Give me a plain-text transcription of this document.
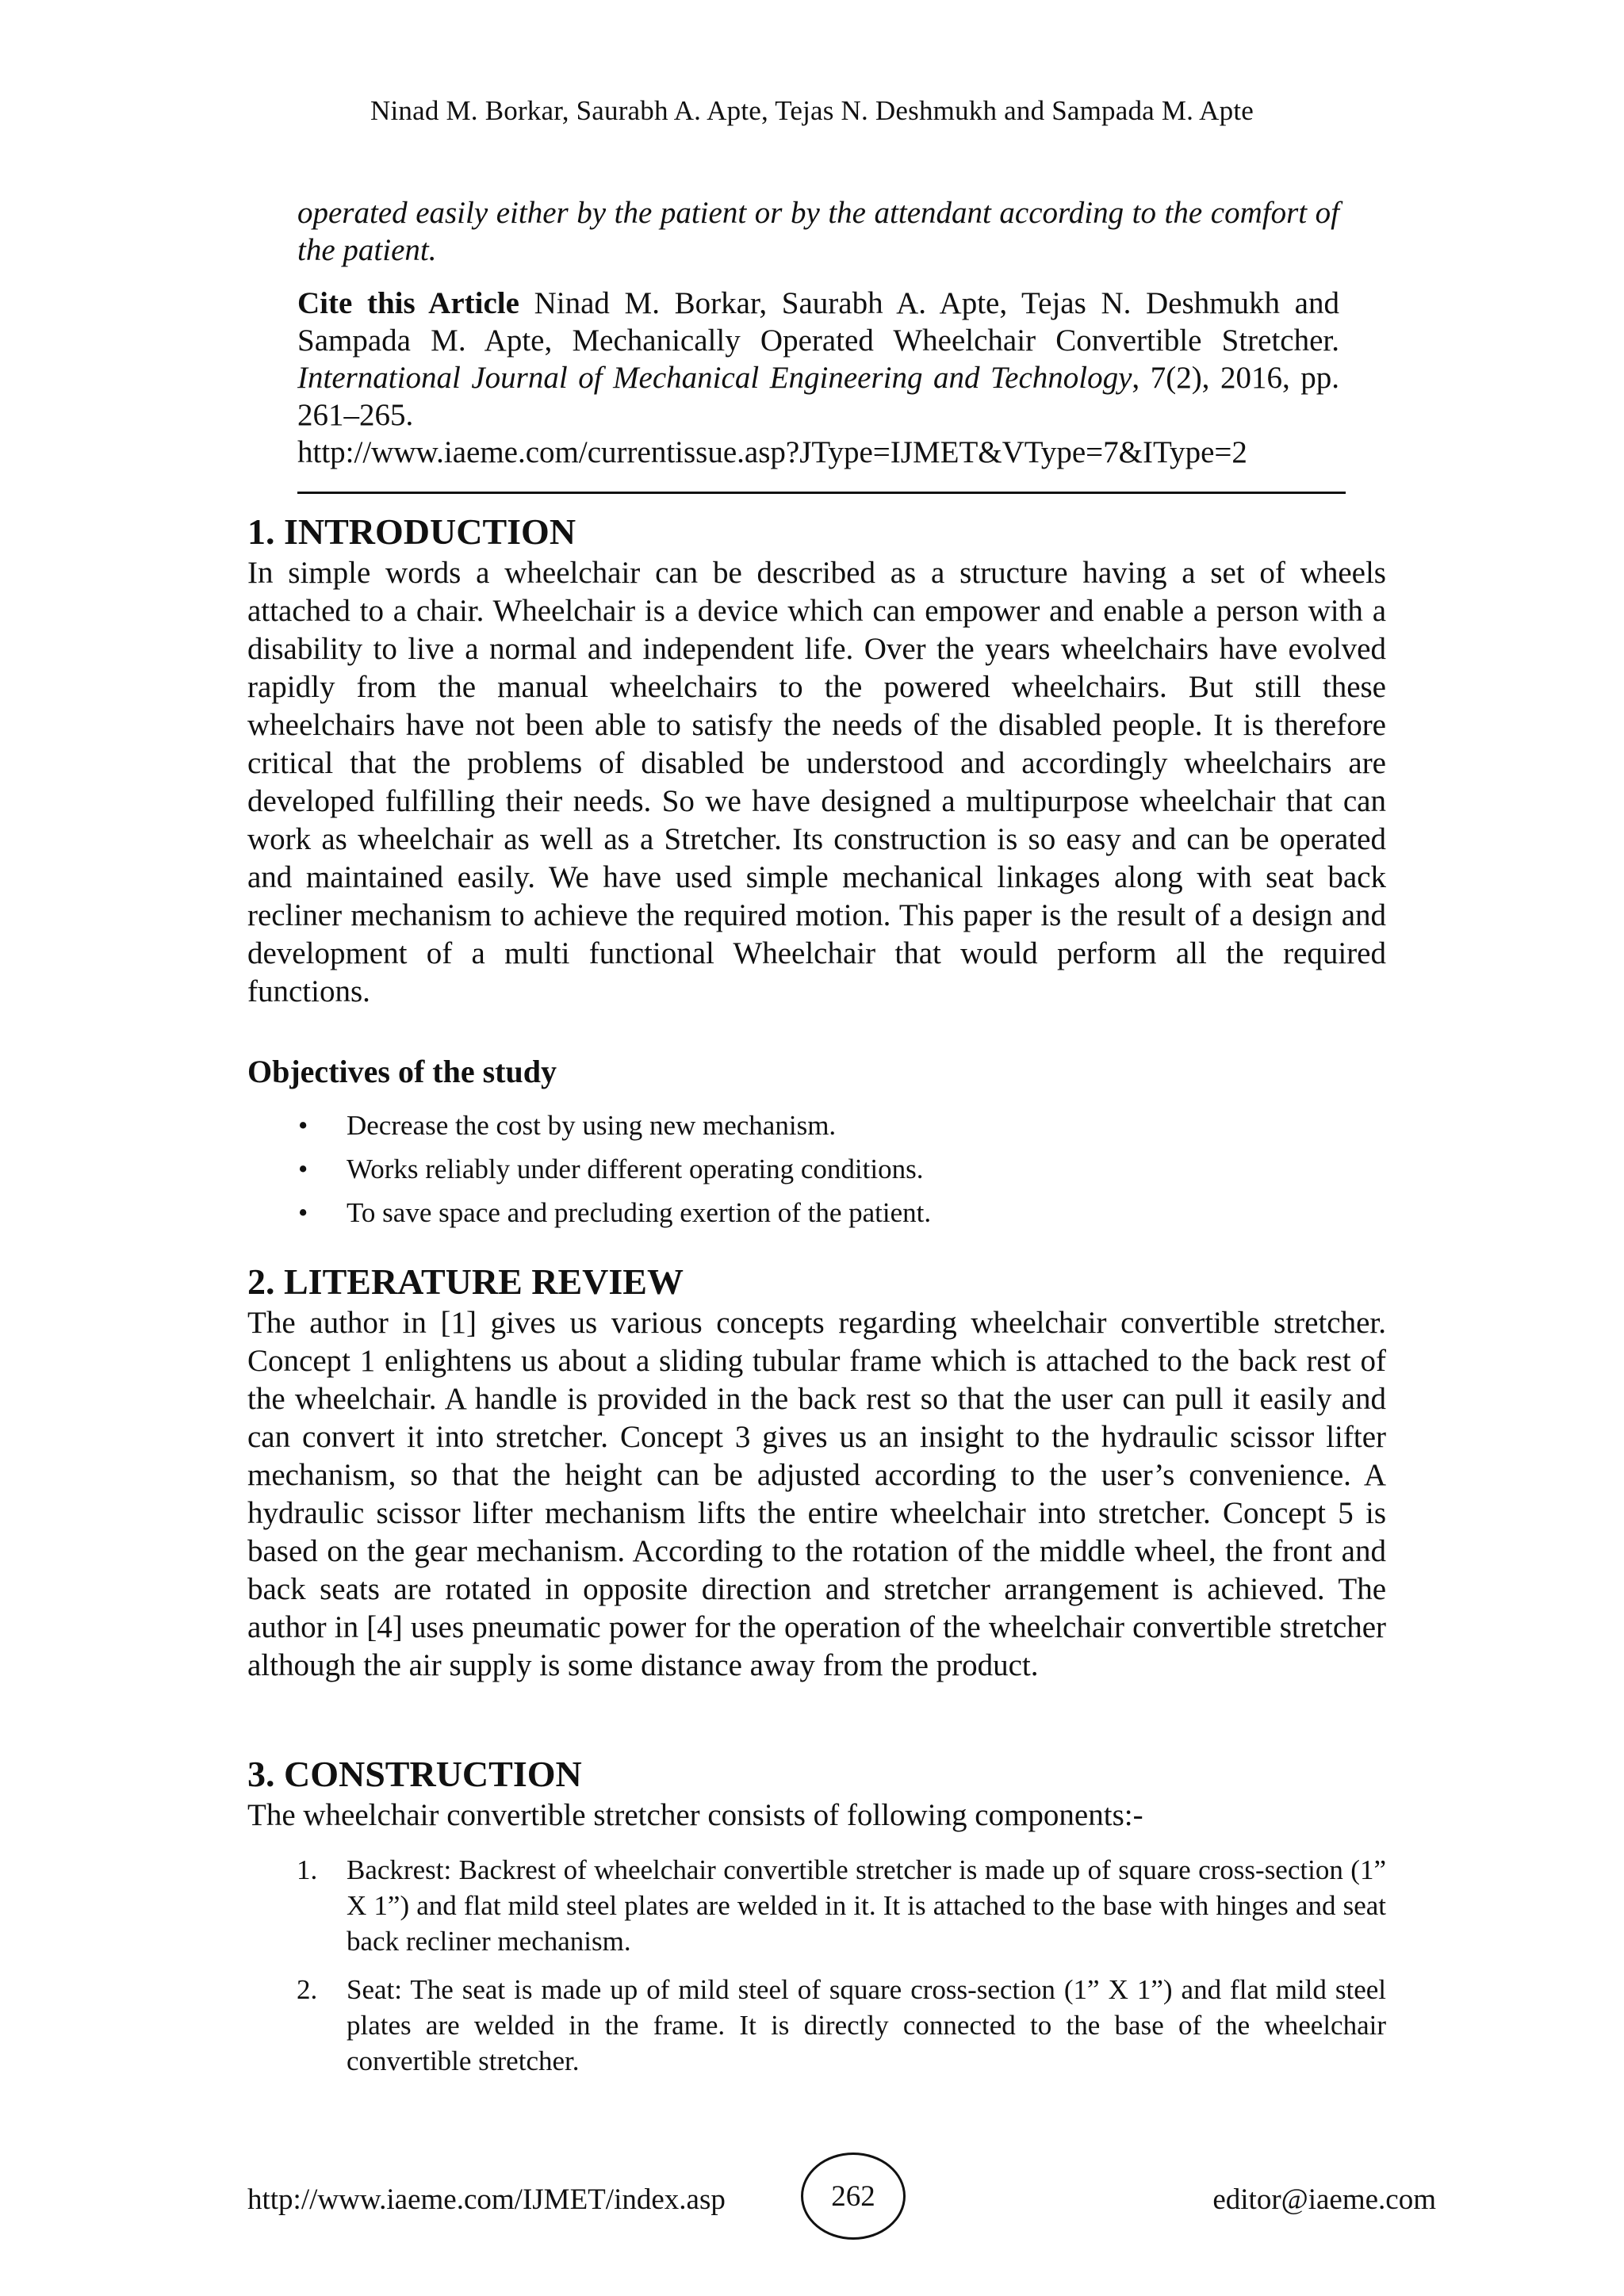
Ninad M. Borkar, Saurabh A. Apte, Tejas N. Deshmukh and Sampada M. Apte

operated easily either by the patient or by the attendant according to the comfort of the patient.

Cite this Article Ninad M. Borkar, Saurabh A. Apte, Tejas N. Deshmukh and Sampada M. Apte, Mechanically Operated Wheelchair Convertible Stretcher. International Journal of Mechanical Engineering and Technology, 7(2), 2016, pp. 261–265.
http://www.iaeme.com/currentissue.asp?JType=IJMET&VType=7&IType=2

1. INTRODUCTION

In simple words a wheelchair can be described as a structure having a set of wheels attached to a chair. Wheelchair is a device which can empower and enable a person with a disability to live a normal and independent life. Over the years wheelchairs have evolved rapidly from the manual wheelchairs to the powered wheelchairs. But still these wheelchairs have not been able to satisfy the needs of the disabled people. It is therefore critical that the problems of disabled be understood and accordingly wheelchairs are developed fulfilling their needs. So we have designed a multipurpose wheelchair that can work as wheelchair as well as a Stretcher. Its construction is so easy and can be operated and maintained easily. We have used simple mechanical linkages along with seat back recliner mechanism to achieve the required motion. This paper is the result of a design and development of a multi functional Wheelchair that would perform all the required functions.

Objectives of the study
• Decrease the cost by using new mechanism.
• Works reliably under different operating conditions.
• To save space and precluding exertion of the patient.
2. LITERATURE REVIEW

The author in [1] gives us various concepts regarding wheelchair convertible stretcher. Concept 1 enlightens us about a sliding tubular frame which is attached to the back rest of the wheelchair. A handle is provided in the back rest so that the user can pull it easily and can convert it into stretcher. Concept 3 gives us an insight to the hydraulic scissor lifter mechanism, so that the height can be adjusted according to the user’s convenience. A hydraulic scissor lifter mechanism lifts the entire wheelchair into stretcher. Concept 5 is based on the gear mechanism. According to the rotation of the middle wheel, the front and back seats are rotated in opposite direction and stretcher arrangement is achieved. The author in [4] uses pneumatic power for the operation of the wheelchair convertible stretcher although the air supply is some distance away from the product.

3. CONSTRUCTION

The wheelchair convertible stretcher consists of following components:-

1. Backrest: Backrest of wheelchair convertible stretcher is made up of square cross-section (1” X 1”) and flat mild steel plates are welded in it. It is attached to the base with hinges and seat back recliner mechanism.
2. Seat: The seat is made up of mild steel of square cross-section (1” X 1”) and flat mild steel plates are welded in the frame. It is directly connected to the base of the wheelchair convertible stretcher.
http://www.iaeme.com/IJMET/index.asp	262	editor@iaeme.com
